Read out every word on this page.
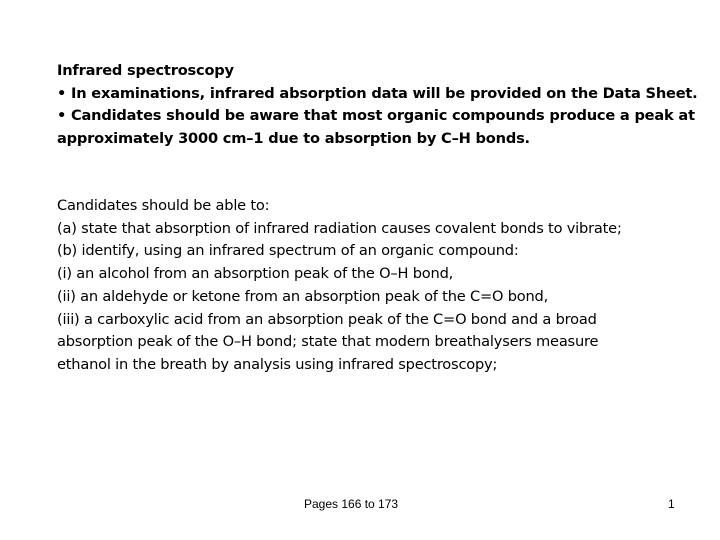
Infrared spectroscopy
• In examinations, infrared absorption data will be provided on the Data Sheet.
• Candidates should be aware that most organic compounds produce a peak at
approximately 3000 cm–1 due to absorption by C–H bonds.
Candidates should be able to:
(a) state that absorption of infrared radiation causes covalent bonds to vibrate;
(b) identify, using an infrared spectrum of an organic compound:
(i) an alcohol from an absorption peak of the O–H bond,
(ii) an aldehyde or ketone from an absorption peak of the C=O bond,
(iii) a carboxylic acid from an absorption peak of the C=O bond and a broad
absorption peak of the O–H bond; state that modern breathalysers measure
ethanol in the breath by analysis using infrared spectroscopy;
Pages 166 to 173	1
